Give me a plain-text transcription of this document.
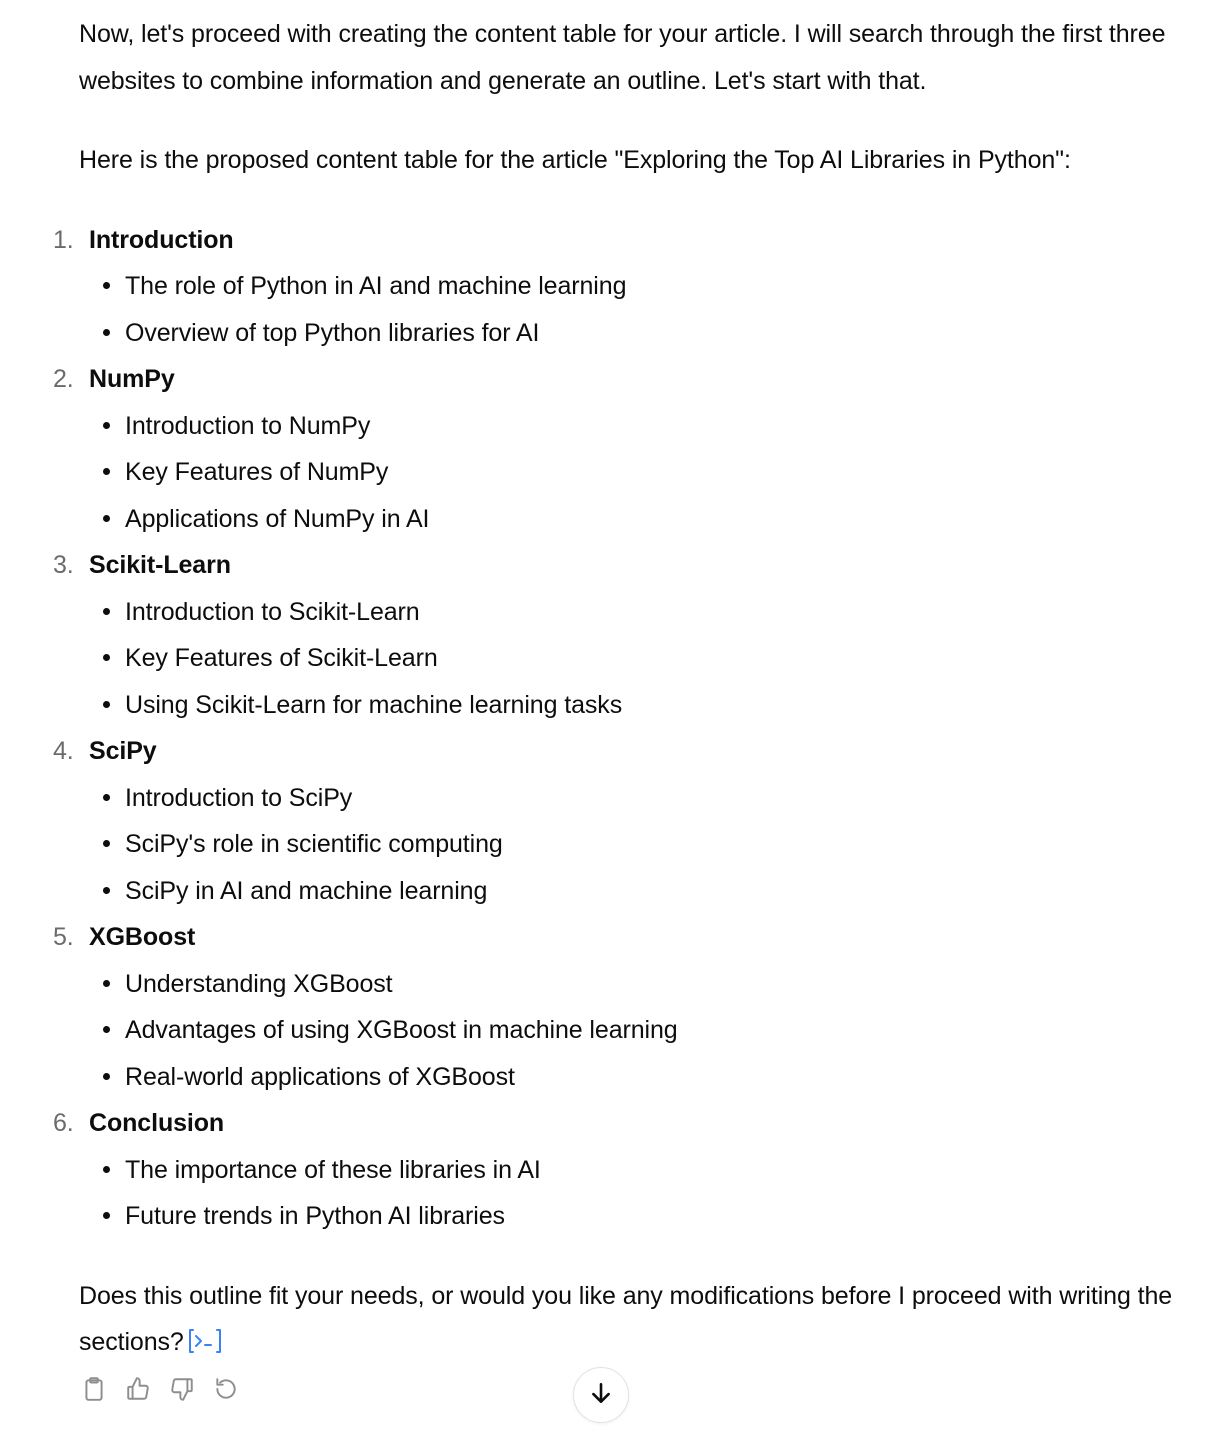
Now, let's proceed with creating the content table for your article. I will search through the first three websites to combine information and generate an outline. Let's start with that.

Here is the proposed content table for the article "Exploring the Top AI Libraries in Python":

1. Introduction
The role of Python in AI and machine learning
Overview of top Python libraries for AI
2. NumPy
Introduction to NumPy
Key Features of NumPy
Applications of NumPy in AI
3. Scikit-Learn
Introduction to Scikit-Learn
Key Features of Scikit-Learn
Using Scikit-Learn for machine learning tasks
4. SciPy
Introduction to SciPy
SciPy's role in scientific computing
SciPy in AI and machine learning
5. XGBoost
Understanding XGBoost
Advantages of using XGBoost in machine learning
Real-world applications of XGBoost
6. Conclusion
The importance of these libraries in AI
Future trends in Python AI libraries

Does this outline fit your needs, or would you like any modifications before I proceed with writing the sections?
